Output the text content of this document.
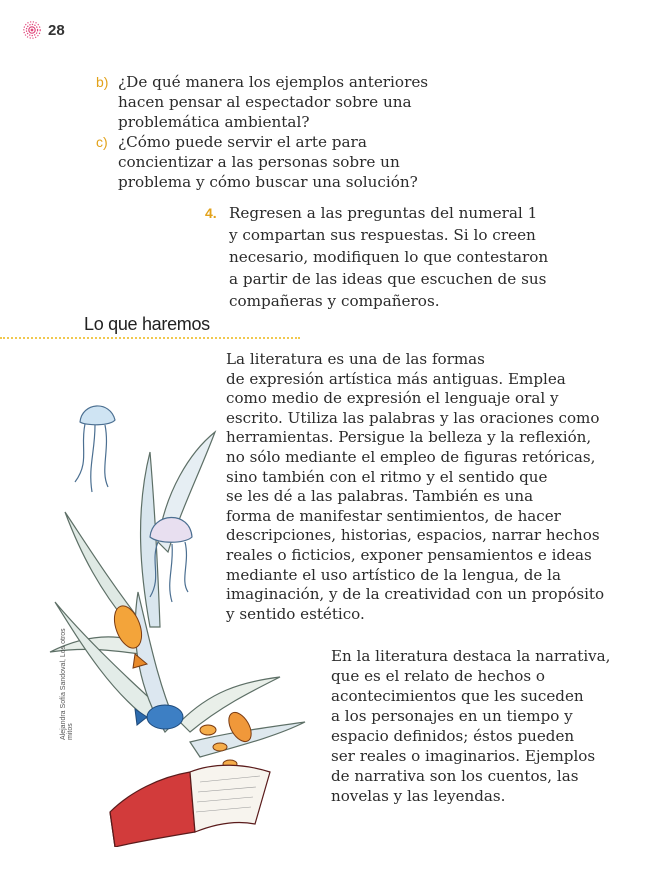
28
b) ¿De qué manera los ejemplos anteriores
hacen pensar al espectador sobre una
problemática ambiental?
c) ¿Cómo puede servir el arte para
concientizar a las personas sobre un
problema y cómo buscar una solución?
4. Regresen a las preguntas del numeral 1
y compartan sus respuestas. Si lo creen
necesario, modifiquen lo que contestaron
a partir de las ideas que escuchen de sus
compañeras y compañeros.
Lo que haremos
Alejandra Sofía Sandoval, Los otros mitos
La literatura es una de las formas
de expresión artística más antiguas. Emplea
como medio de expresión el lenguaje oral y
escrito. Utiliza las palabras y las oraciones como
herramientas. Persigue la belleza y la reflexión,
no sólo mediante el empleo de figuras retóricas,
sino también con el ritmo y el sentido que
se les dé a las palabras. También es una
forma de manifestar sentimientos, de hacer
descripciones, historias, espacios, narrar hechos
reales o ficticios, exponer pensamientos e ideas
mediante el uso artístico de la lengua, de la
imaginación, y de la creatividad con un propósito
y sentido estético.
En la literatura destaca la narrativa,
que es el relato de hechos o
acontecimientos que les suceden
a los personajes en un tiempo y
espacio definidos; éstos pueden
ser reales o imaginarios. Ejemplos
de narrativa son los cuentos, las
novelas y las leyendas.
